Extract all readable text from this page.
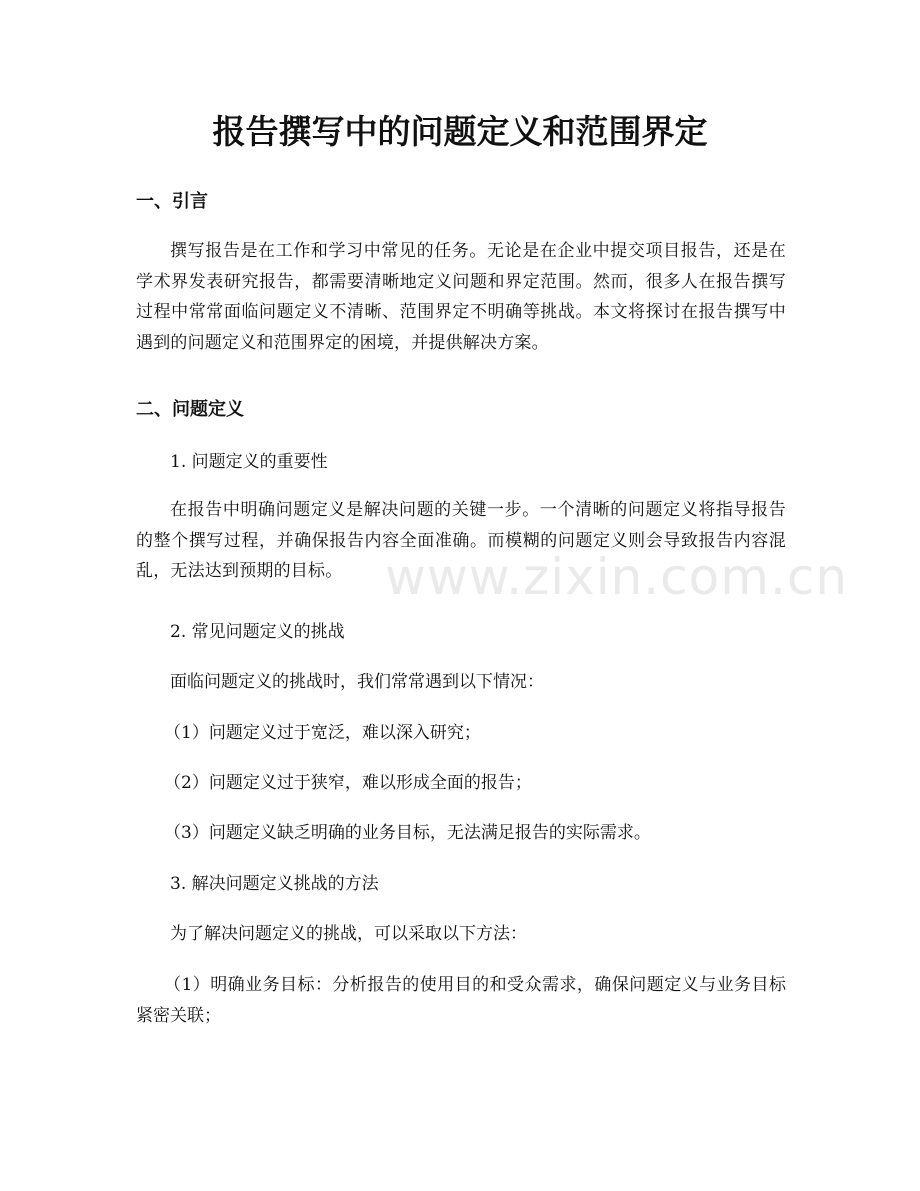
报告撰写中的问题定义和范围界定
一、引言
撰写报告是在工作和学习中常见的任务。无论是在企业中提交项目报告，还是在学术界发表研究报告，都需要清晰地定义问题和界定范围。然而，很多人在报告撰写过程中常常面临问题定义不清晰、范围界定不明确等挑战。本文将探讨在报告撰写中遇到的问题定义和范围界定的困境，并提供解决方案。
二、问题定义
1. 问题定义的重要性
在报告中明确问题定义是解决问题的关键一步。一个清晰的问题定义将指导报告的整个撰写过程，并确保报告内容全面准确。而模糊的问题定义则会导致报告内容混乱，无法达到预期的目标。
2. 常见问题定义的挑战
面临问题定义的挑战时，我们常常遇到以下情况：
（1）问题定义过于宽泛，难以深入研究；
（2）问题定义过于狭窄，难以形成全面的报告；
（3）问题定义缺乏明确的业务目标，无法满足报告的实际需求。
3. 解决问题定义挑战的方法
为了解决问题定义的挑战，可以采取以下方法：
（1）明确业务目标：分析报告的使用目的和受众需求，确保问题定义与业务目标紧密关联；
www.zixin.com.cn
